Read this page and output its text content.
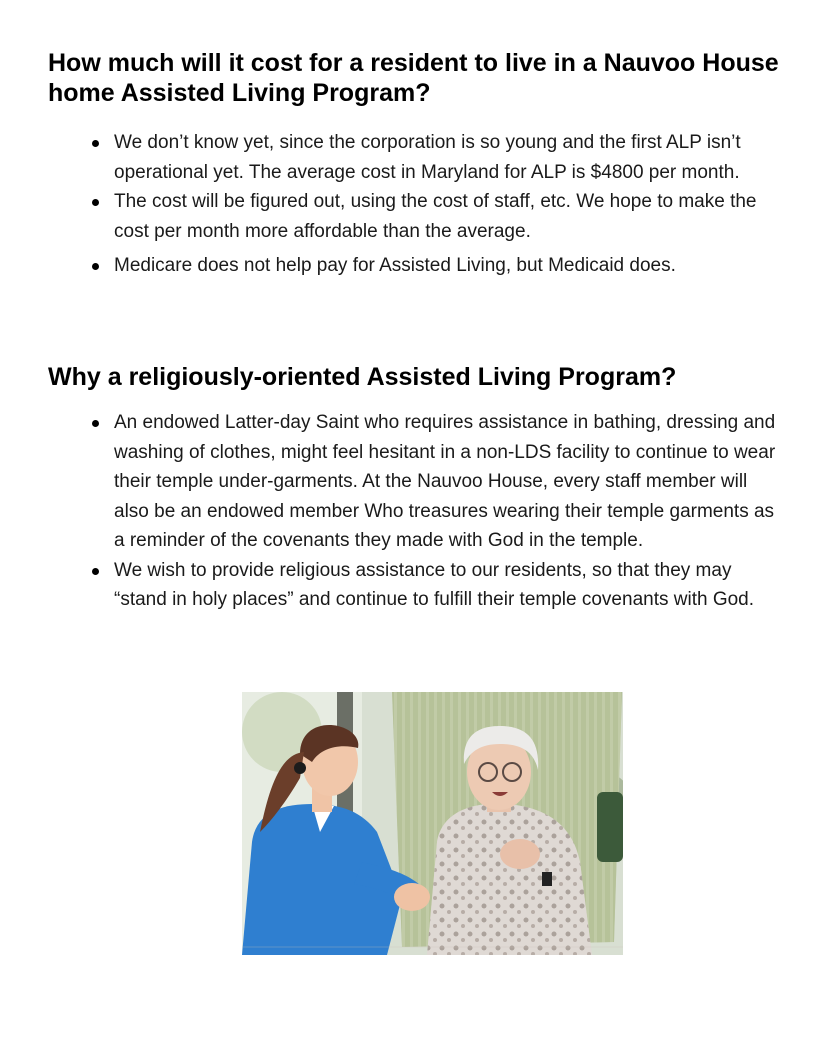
How much will it cost for a resident to live in a Nauvoo House home Assisted Living Program?
We don’t know yet, since the corporation is so young and the first ALP isn’t operational yet. The average cost in Maryland for ALP is $4800 per month.
The cost will be figured out, using the cost of staff, etc. We hope to make the cost per month more affordable than the average.
Medicare does not help pay for Assisted Living, but Medicaid does.
Why a religiously-oriented Assisted Living Program?
An endowed Latter-day Saint who requires assistance in bathing, dressing and washing of clothes, might feel hesitant in a non-LDS facility to continue to wear their temple under-garments. At the Nauvoo House, every staff member will also be an endowed member Who treasures wearing their temple garments as a reminder of the covenants they made with God in the temple.
We wish to provide religious assistance to our residents, so that they may “stand in holy places” and continue to fulfill their temple covenants with God.
